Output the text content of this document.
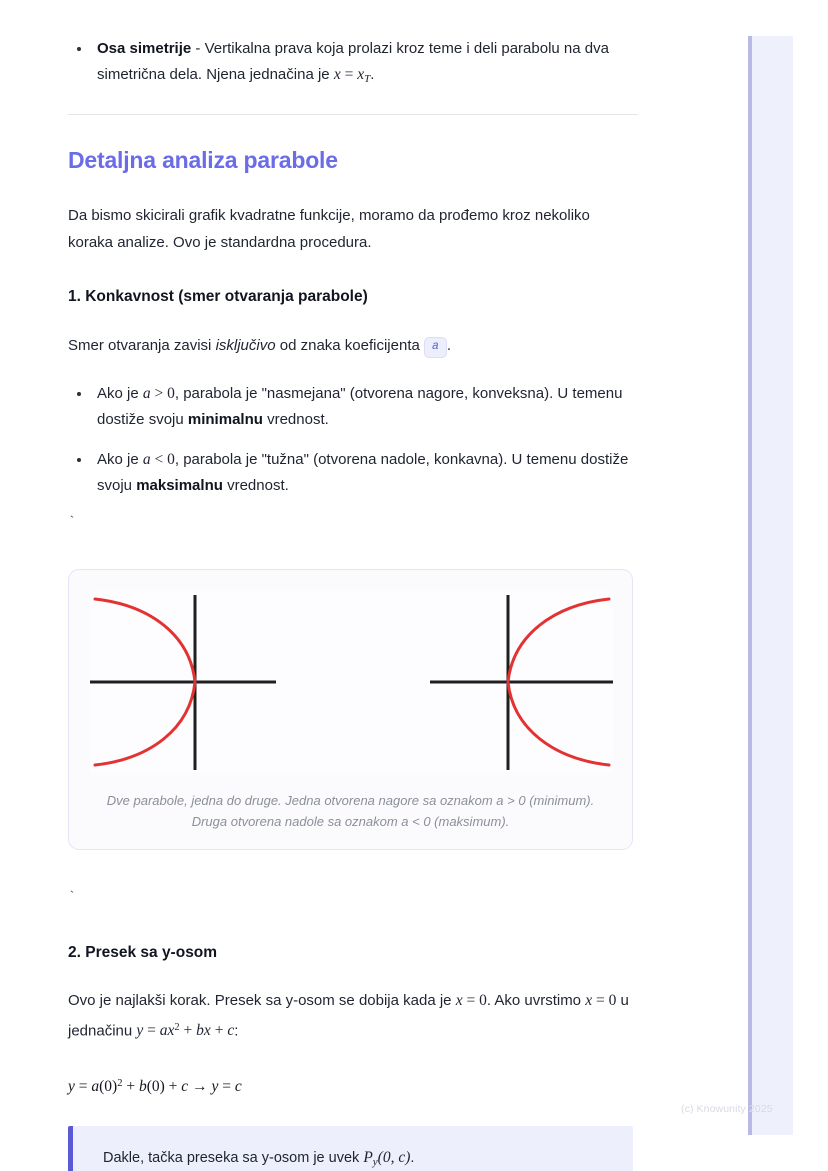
(c) Knowunity 2025
Osa simetrije - Vertikalna prava koja prolazi kroz teme i deli parabolu na dva simetrična dela. Njena jednačina je $x = x_T$.
Detaljna analiza parabole

Da bismo skicirali grafik kvadratne funkcije, moramo da prođemo kroz nekoliko koraka analize. Ovo je standardna procedura.

1. Konkavnost (smer otvaranja parabole)

Smer otvaranja zavisi isključivo od znaka koeficijenta a .

Ako je a > 0, parabola je "nasmejana" (otvorena nagore, konveksna). U temenu dostiže svoju minimalnu vrednost.
Ako je a < 0, parabola je "tužna" (otvorena nadole, konkavna). U temenu dostiže svoju maksimalnu vrednost.
`
Dve parabole, jedna do druge. Jedna otvorena nagore sa oznakom a > 0 (minimum). Druga otvorena nadole sa oznakom a < 0 (maksimum).
`
2. Presek sa y-osom

Ovo je najlakši korak. Presek sa y-osom se dobija kada je x = 0. Ako uvrstimo x = 0 u jednačinu $y = ax^2$ + bx + c:

$y = a(0)^2 + b(0) + c \to y = c$

Dakle, tačka preseka sa y-osom je uvek $P_y(0$, c).
